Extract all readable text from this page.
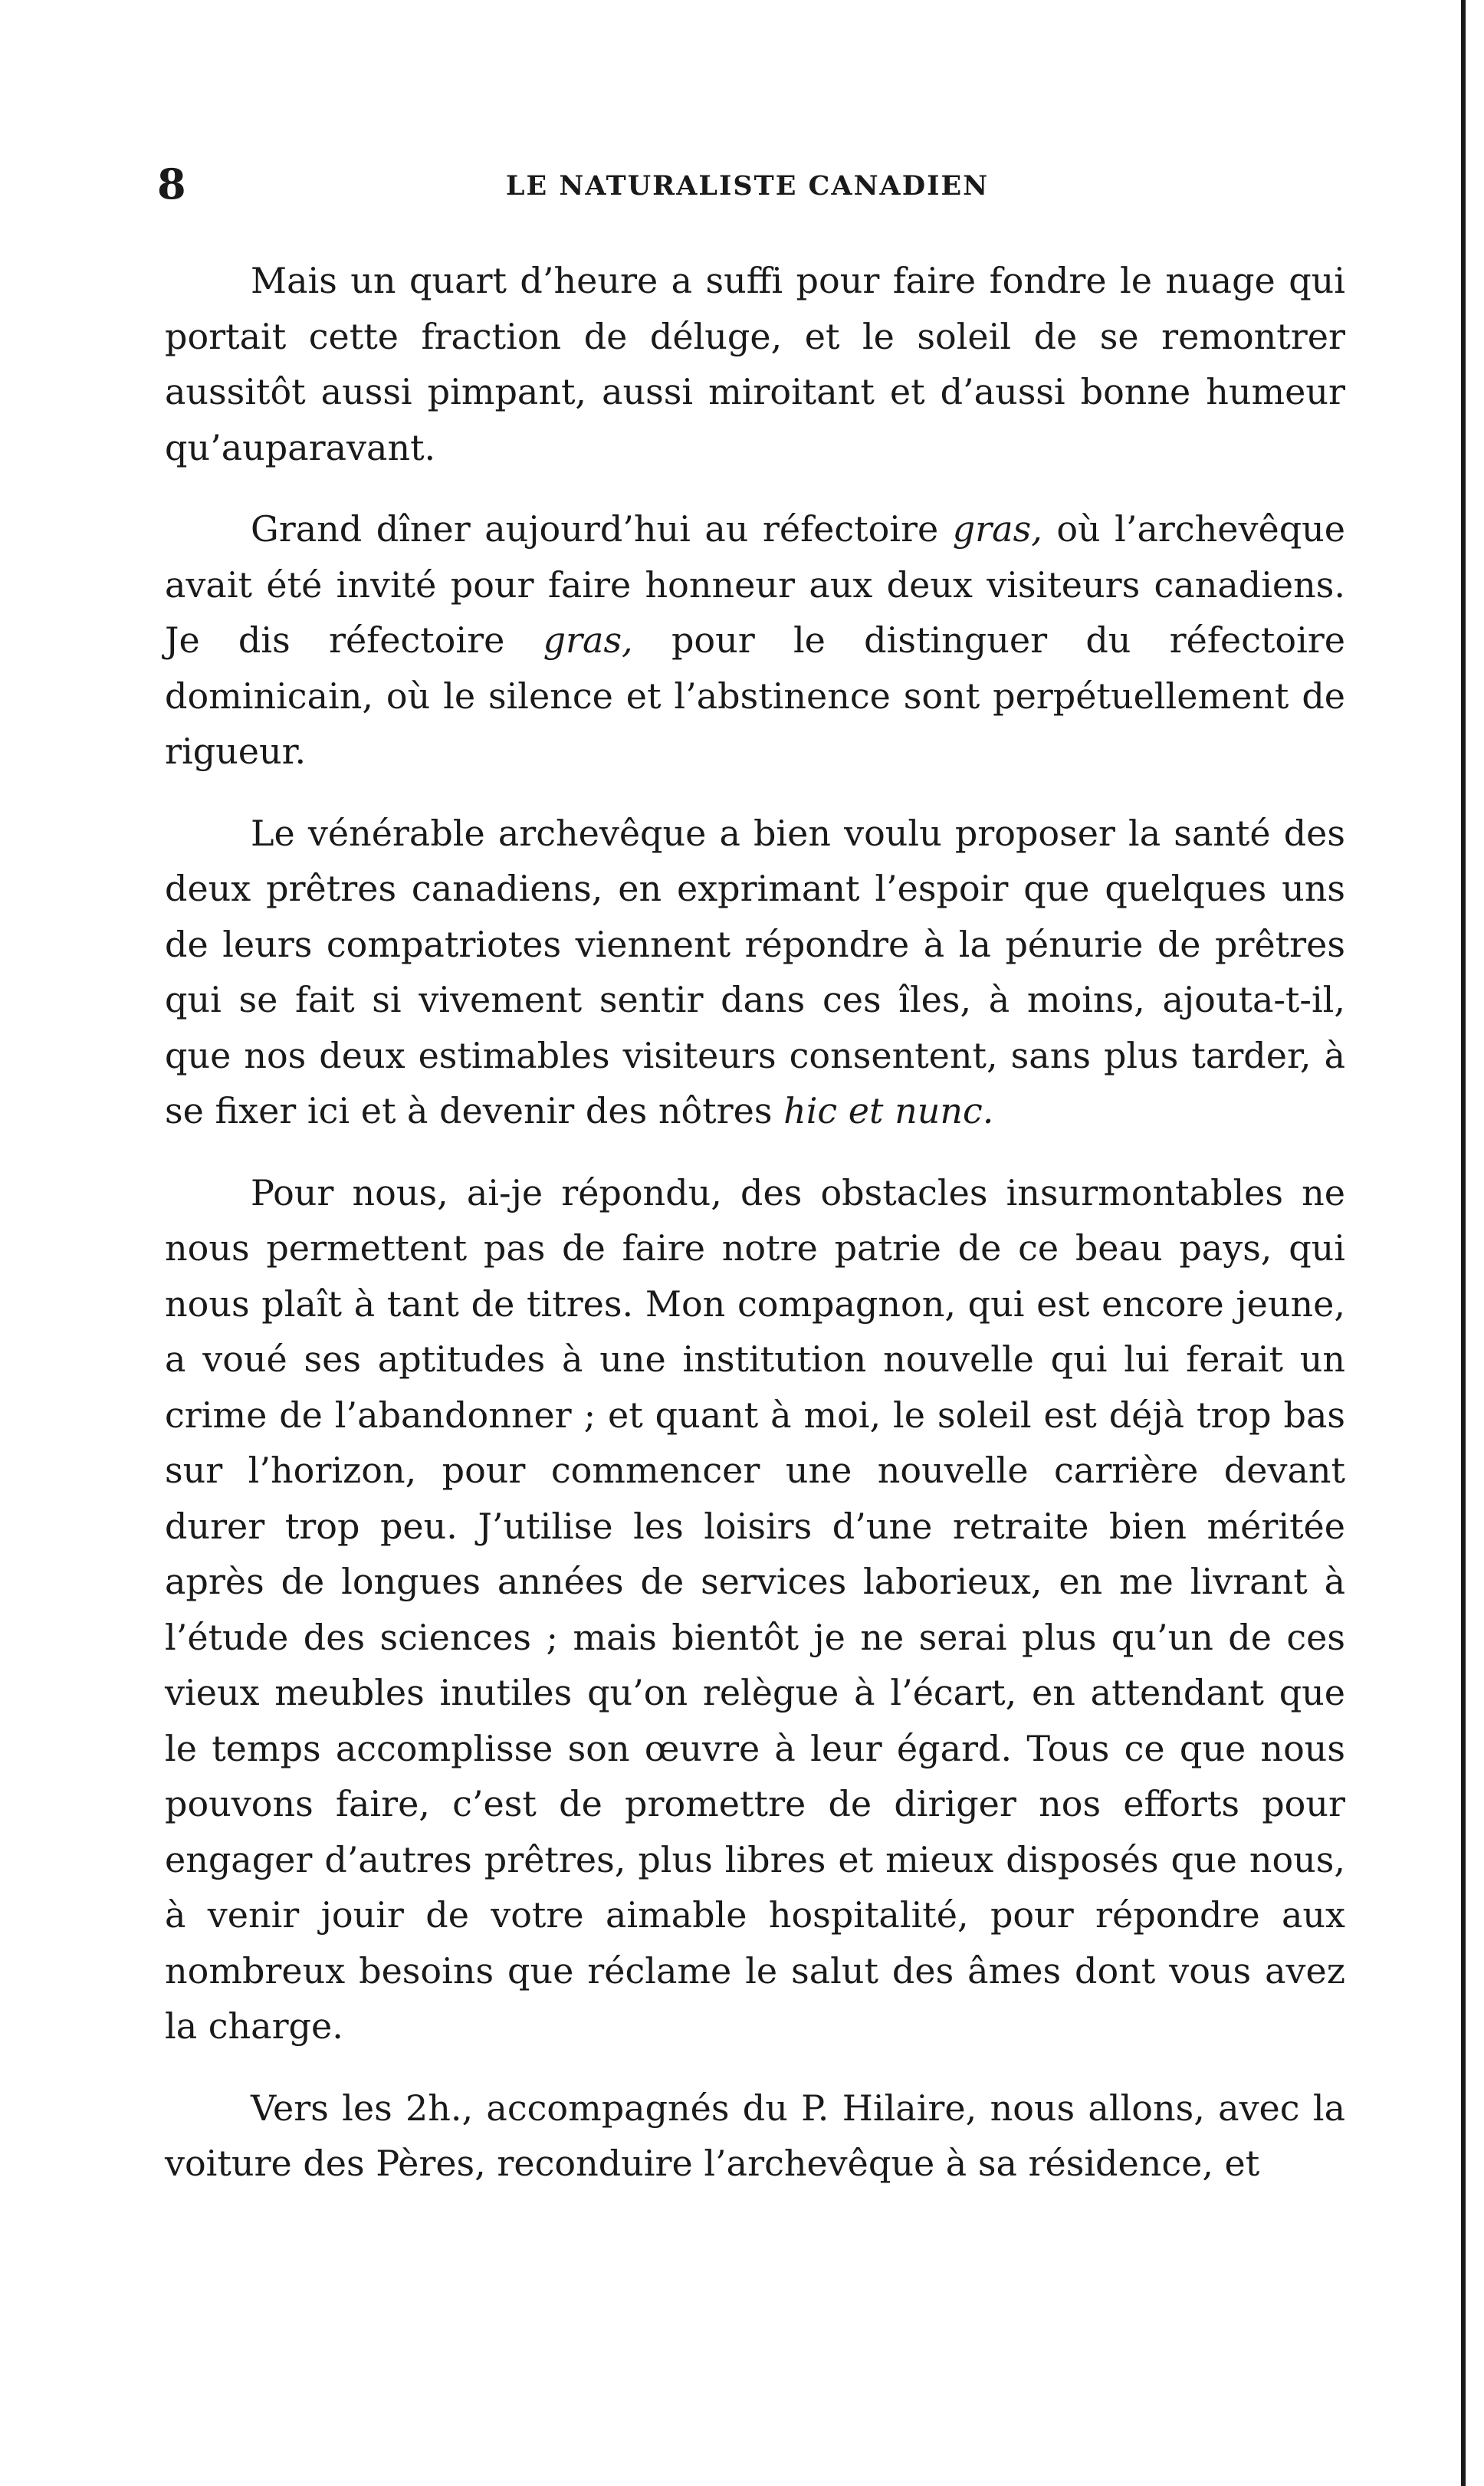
8	LE NATURALISTE CANADIEN

Mais un quart d’heure a suffi pour faire fondre le nuage qui portait cette fraction de déluge, et le soleil de se remontrer aussitôt aussi pimpant, aussi miroitant et d’aussi bonne humeur qu’auparavant.

Grand dîner aujourd’hui au réfectoire gras, où l’archevêque avait été invité pour faire honneur aux deux visiteurs canadiens. Je dis réfectoire gras, pour le distinguer du réfectoire dominicain, où le silence et l’abstinence sont perpétuellement de rigueur.

Le vénérable archevêque a bien voulu proposer la santé des deux prêtres canadiens, en exprimant l’espoir que quelques uns de leurs compatriotes viennent répondre à la pénurie de prêtres qui se fait si vivement sentir dans ces îles, à moins, ajouta-t-il, que nos deux estimables visiteurs consentent, sans plus tarder, à se fixer ici et à devenir des nôtres hic et nunc.

Pour nous, ai-je répondu, des obstacles insurmontables ne nous permettent pas de faire notre patrie de ce beau pays, qui nous plaît à tant de titres. Mon compagnon, qui est encore jeune, a voué ses aptitudes à une institution nouvelle qui lui ferait un crime de l’abandonner ; et quant à moi, le soleil est déjà trop bas sur l’horizon, pour commencer une nouvelle carrière devant durer trop peu. J’utilise les loisirs d’une retraite bien méritée après de longues années de services laborieux, en me livrant à l’étude des sciences ; mais bientôt je ne serai plus qu’un de ces vieux meubles inutiles qu’on relègue à l’écart, en attendant que le temps accomplisse son œuvre à leur égard. Tous ce que nous pouvons faire, c’est de promettre de diriger nos efforts pour engager d’autres prêtres, plus libres et mieux disposés que nous, à venir jouir de votre aimable hospitalité, pour répondre aux nombreux besoins que réclame le salut des âmes dont vous avez la charge.

Vers les 2h., accompagnés du P. Hilaire, nous allons, avec la voiture des Pères, reconduire l’archevêque à sa résidence, et
